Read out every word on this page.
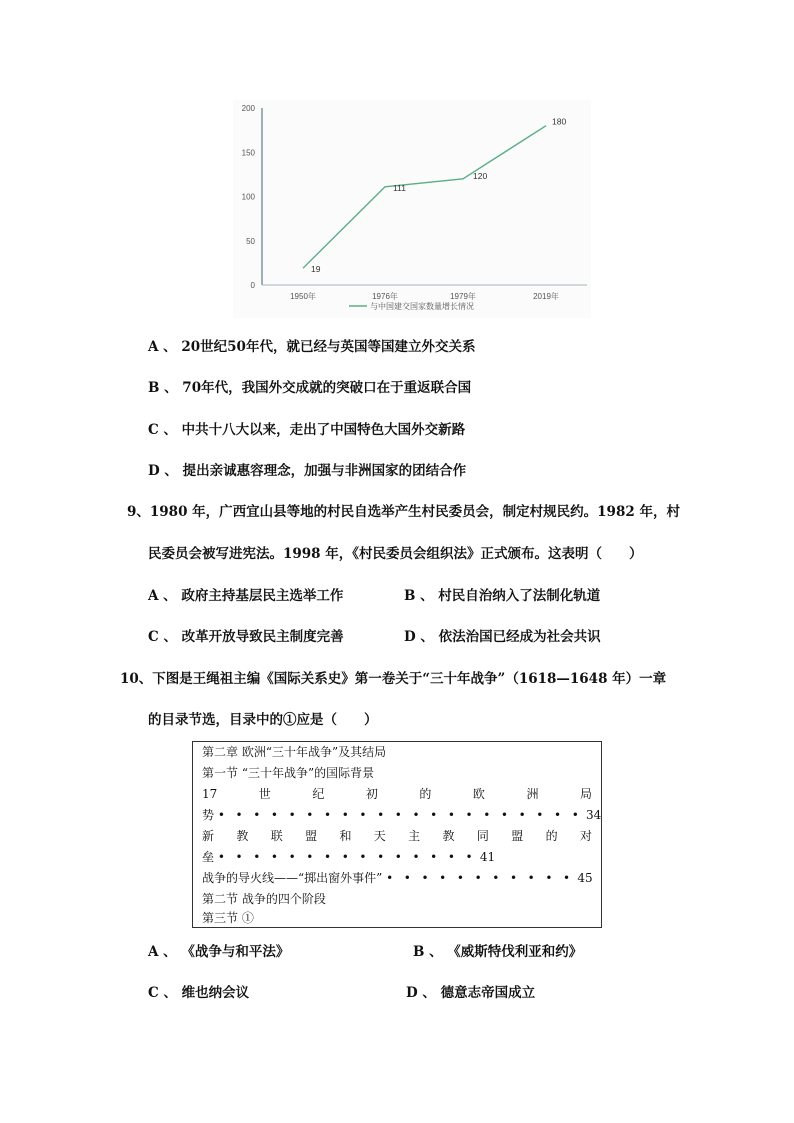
0
50
100
150
200
1950年	1976年	1979年	2019年
19
111
120
180
与中国建交国家数量增长情况
A 、 20世纪50年代，就已经与英国等国建立外交关系
B 、 70年代，我国外交成就的突破口在于重返联合国
C 、 中共十八大以来，走出了中国特色大国外交新路
D 、 提出亲诚惠容理念，加强与非洲国家的团结合作
9、1980 年，广西宜山县等地的村民自选举产生村民委员会，制定村规民约。1982 年，村
民委员会被写进宪法。1998 年，《村民委员会组织法》正式颁布。这表明（　　）
A 、 政府主持基层民主选举工作	B 、 村民自治纳入了法制化轨道
C 、 改革开放导致民主制度完善	D 、 依法治国已经成为社会共识
10、下图是王绳祖主编《国际关系史》第一卷关于“三十年战争”（1618—1648 年）一章
的目录节选，目录中的①应是（　　）
第二章 欧洲“三十年战争”及其结局
第一节 “三十年战争”的国际背景
17	世	纪	初	的	欧	洲	局
势 • • • • • • • • • • • • • • • • • • • • • 34
新 教 联 盟 和 天 主 教 同 盟 的 对
垒 • • • • • • • • • • • • • • • 41
战争的导火线——“掷出窗外事件” • • • • • • • • • • • 45
第二节 战争的四个阶段
第三节 ①
A 、 《战争与和平法》	B 、 《威斯特伐利亚和约》
C 、 维也纳会议	D 、 德意志帝国成立
